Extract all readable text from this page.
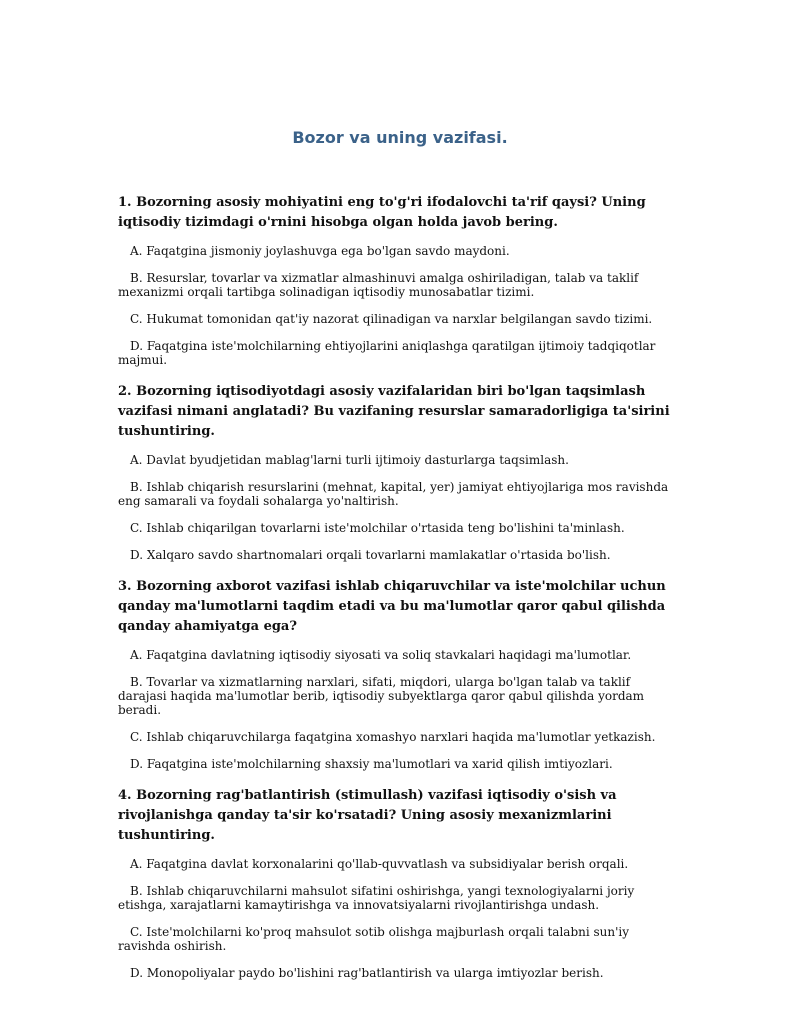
Bozor va uning vazifasi.

1. Bozorning asosiy mohiyatini eng to'g'ri ifodalovchi ta'rif qaysi? Uning iqtisodiy tizimdagi o'rnini hisobga olgan holda javob bering.

A. Faqatgina jismoniy joylashuvga ega bo'lgan savdo maydoni.

B. Resurslar, tovarlar va xizmatlar almashinuvi amalga oshiriladigan, talab va taklif mexanizmi orqali tartibga solinadigan iqtisodiy munosabatlar tizimi.

C. Hukumat tomonidan qat'iy nazorat qilinadigan va narxlar belgilangan savdo tizimi.

D. Faqatgina iste'molchilarning ehtiyojlarini aniqlashga qaratilgan ijtimoiy tadqiqotlar majmui.

2. Bozorning iqtisodiyotdagi asosiy vazifalaridan biri bo'lgan taqsimlash vazifasi nimani anglatadi? Bu vazifaning resurslar samaradorligiga ta'sirini tushuntiring.

A. Davlat byudjetidan mablag'larni turli ijtimoiy dasturlarga taqsimlash.

B. Ishlab chiqarish resurslarini (mehnat, kapital, yer) jamiyat ehtiyojlariga mos ravishda eng samarali va foydali sohalarga yo'naltirish.

C. Ishlab chiqarilgan tovarlarni iste'molchilar o'rtasida teng bo'lishini ta'minlash.

D. Xalqaro savdo shartnomalari orqali tovarlarni mamlakatlar o'rtasida bo'lish.

3. Bozorning axborot vazifasi ishlab chiqaruvchilar va iste'molchilar uchun qanday ma'lumotlarni taqdim etadi va bu ma'lumotlar qaror qabul qilishda qanday ahamiyatga ega?

A. Faqatgina davlatning iqtisodiy siyosati va soliq stavkalari haqidagi ma'lumotlar.

B. Tovarlar va xizmatlarning narxlari, sifati, miqdori, ularga bo'lgan talab va taklif darajasi haqida ma'lumotlar berib, iqtisodiy subyektlarga qaror qabul qilishda yordam beradi.

C. Ishlab chiqaruvchilarga faqatgina xomashyo narxlari haqida ma'lumotlar yetkazish.

D. Faqatgina iste'molchilarning shaxsiy ma'lumotlari va xarid qilish imtiyozlari.

4. Bozorning rag'batlantirish (stimullash) vazifasi iqtisodiy o'sish va rivojlanishga qanday ta'sir ko'rsatadi? Uning asosiy mexanizmlarini tushuntiring.

A. Faqatgina davlat korxonalarini qo'llab-quvvatlash va subsidiyalar berish orqali.

B. Ishlab chiqaruvchilarni mahsulot sifatini oshirishga, yangi texnologiyalarni joriy etishga, xarajatlarni kamaytirishga va innovatsiyalarni rivojlantirishga undash.

C. Iste'molchilarni ko'proq mahsulot sotib olishga majburlash orqali talabni sun'iy ravishda oshirish.

D. Monopoliyalar paydo bo'lishini rag'batlantirish va ularga imtiyozlar berish.
